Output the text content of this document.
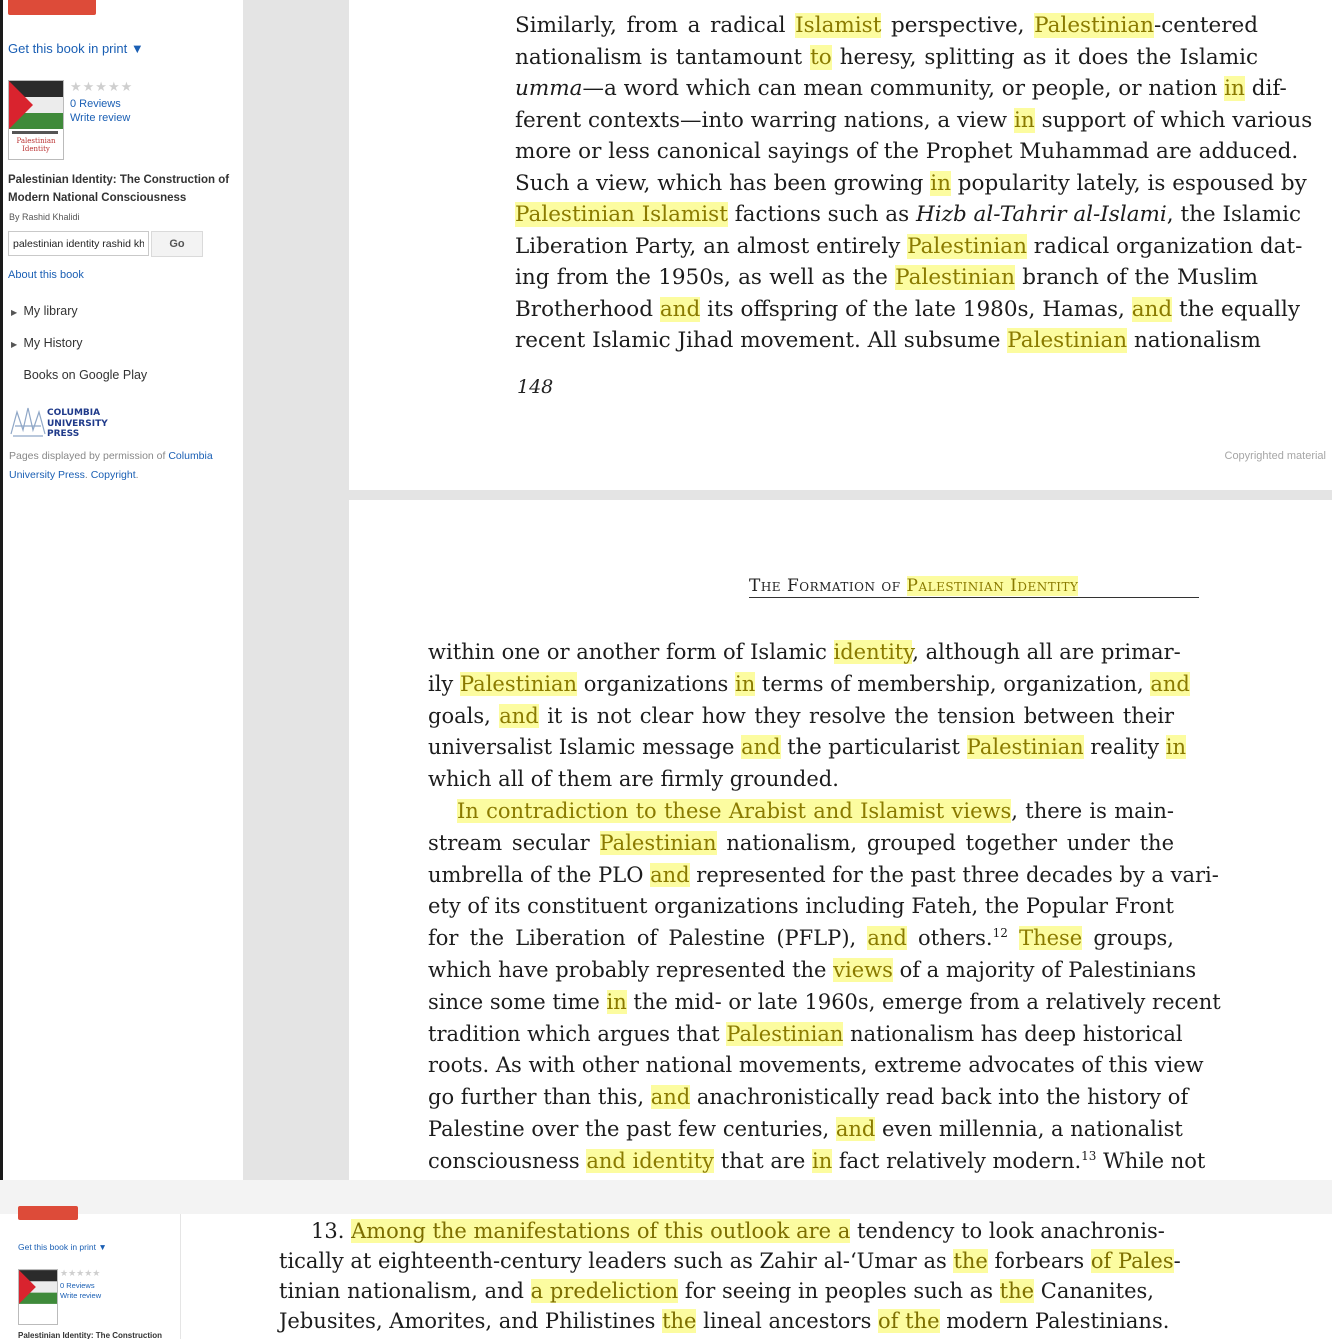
Get this book in print ▼
Palestinian Identity
★★★★★
0 Reviews
Write review
Palestinian Identity: The Construction of Modern National Consciousness
By Rashid Khalidi
palestinian identity rashid kha
Go
About this book
▶ My library
▶ My History
Books on Google Play
COLUMBIA UNIVERSITY PRESS
Pages displayed by permission of Columbia University Press. Copyright.
Similarly, from a radical Islamist perspective, Palestinian-centered
nationalism is tantamount to heresy, splitting as it does the Islamic
umma—a word which can mean community, or people, or nation in dif-
ferent contexts—into warring nations, a view in support of which various
more or less canonical sayings of the Prophet Muhammad are adduced.
Such a view, which has been growing in popularity lately, is espoused by
Palestinian Islamist factions such as Hizb al-Tahrir al-Islami, the Islamic
Liberation Party, an almost entirely Palestinian radical organization dat-
ing from the 1950s, as well as the Palestinian branch of the Muslim
Brotherhood and its offspring of the late 1980s, Hamas, and the equally
recent Islamic Jihad movement. All subsume Palestinian nationalism
148
Copyrighted material
The Formation of Palestinian Identity
within one or another form of Islamic identity, although all are primar-
ily Palestinian organizations in terms of membership, organization, and
goals, and it is not clear how they resolve the tension between their
universalist Islamic message and the particularist Palestinian reality in
which all of them are firmly grounded.
In contradiction to these Arabist and Islamist views, there is main-
stream secular Palestinian nationalism, grouped together under the
umbrella of the PLO and represented for the past three decades by a vari-
ety of its constituent organizations including Fateh, the Popular Front
for the Liberation of Palestine (PFLP), and others.$^{12}$ These groups,
which have probably represented the views of a majority of Palestinians
since some time in the mid- or late 1960s, emerge from a relatively recent
tradition which argues that Palestinian nationalism has deep historical
roots. As with other national movements, extreme advocates of this view
go further than this, and anachronistically read back into the history of
Palestine over the past few centuries, and even millennia, a nationalist
consciousness and identity that are in fact relatively modern.$^{13}$ While not
Get this book in print ▼
★★★★★
0 Reviews
Write review
Palestinian Identity: The Construction
13. Among the manifestations of this outlook are a tendency to look anachronis-
tically at eighteenth-century leaders such as Zahir al-‘Umar as the forbears of Pales-
tinian nationalism, and a predeliction for seeing in peoples such as the Cananites,
Jebusites, Amorites, and Philistines the lineal ancestors of the modern Palestinians.
